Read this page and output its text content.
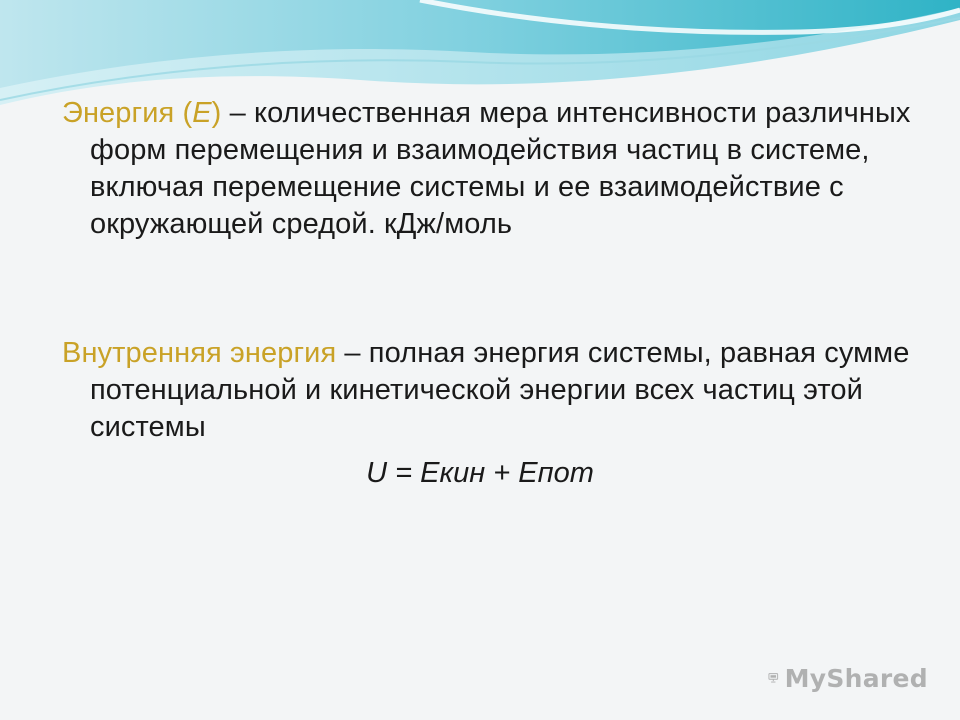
Энергия (E) – количественная мера интенсивности различных форм перемещения и взаимодействия частиц в системе, включая перемещение системы и ее взаимодействие с окружающей средой. кДж/моль
Внутренняя энергия – полная энергия системы, равная сумме потенциальной и кинетической энергии всех частиц этой системы
U = Eкин + Eпот
MyShared
